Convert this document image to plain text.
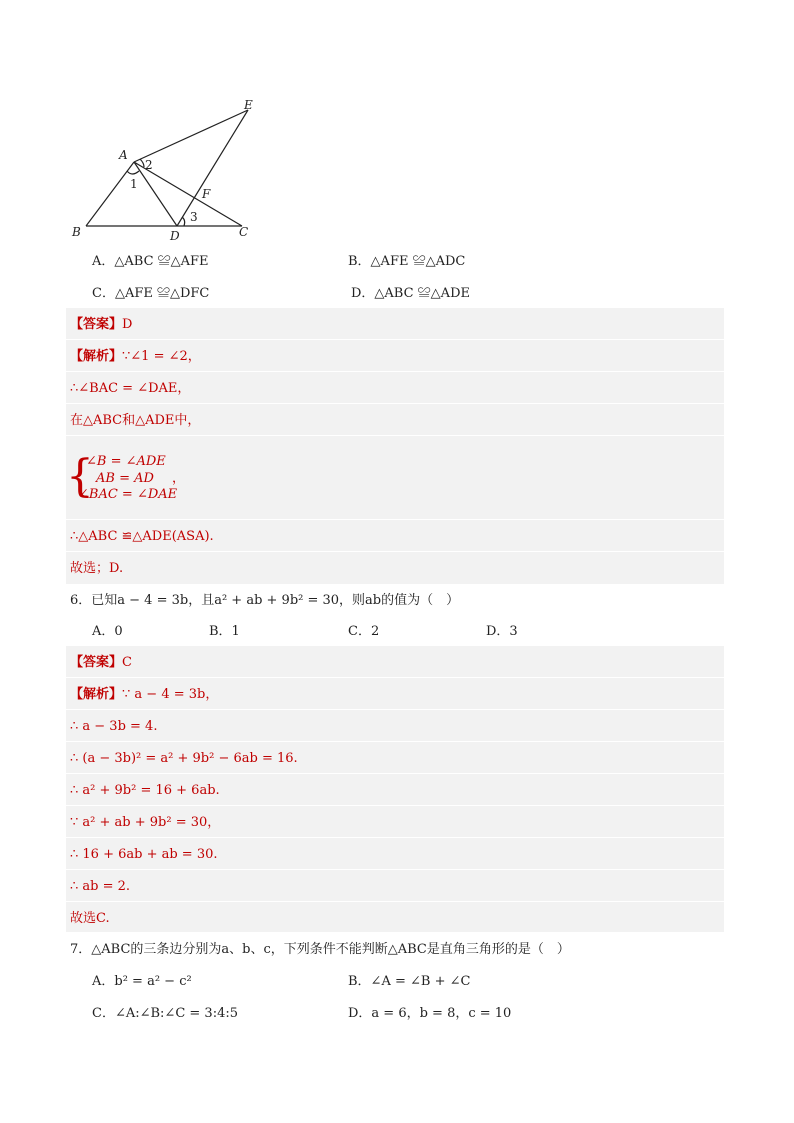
A
B	C
D
E
F
1
2
3
A．△ABC ≌△AFE	B．△AFE ≌△ADC
C．△AFE ≌△DFC	D．△ABC ≌△ADE
【答案】D
【解析】∵∠1 = ∠2，
∴∠BAC = ∠DAE，
在△ABC和△ADE中，
{
∠B = ∠ADE
AB = AD
∠BAC = ∠DAE
，
∴△ABC ≌△ADE(ASA).
故选；D.
6．已知a − 4 = 3b，且a² + ab + 9b² = 30，则ab的值为（　）
A．0	B．1	C．2	D．3
【答案】C
【解析】∵ a − 4 = 3b，
∴ a − 3b = 4.
∴ (a − 3b)² = a² + 9b² − 6ab = 16.
∴ a² + 9b² = 16 + 6ab.
∵ a² + ab + 9b² = 30，
∴ 16 + 6ab + ab = 30.
∴ ab = 2.
故选C.
7．△ABC的三条边分别为a、b、c，下列条件不能判断△ABC是直角三角形的是（　）
A．b² = a² − c²	B．∠A = ∠B + ∠C
C．∠A:∠B:∠C = 3:4:5	D．a = 6，b = 8，c = 10
